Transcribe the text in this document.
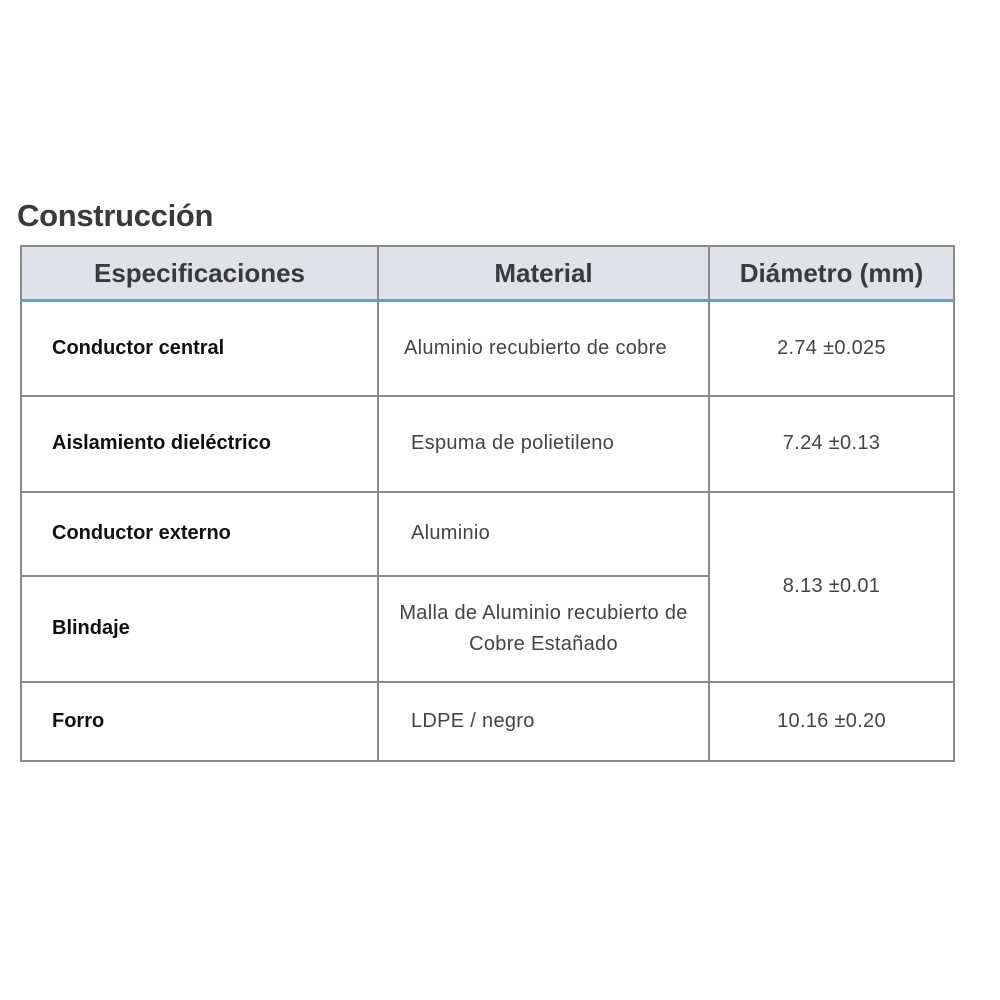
Construcción
Especificaciones	Material	Diámetro (mm)
Conductor central	Aluminio recubierto de cobre	2.74 ±0.025
Aislamiento dieléctrico	Espuma de polietileno	7.24 ±0.13
Conductor externo	Aluminio	8.13 ±0.01
Blindaje	Malla de Aluminio recubierto de
Cobre Estañado	

Forro	LDPE / negro	10.16 ±0.20
